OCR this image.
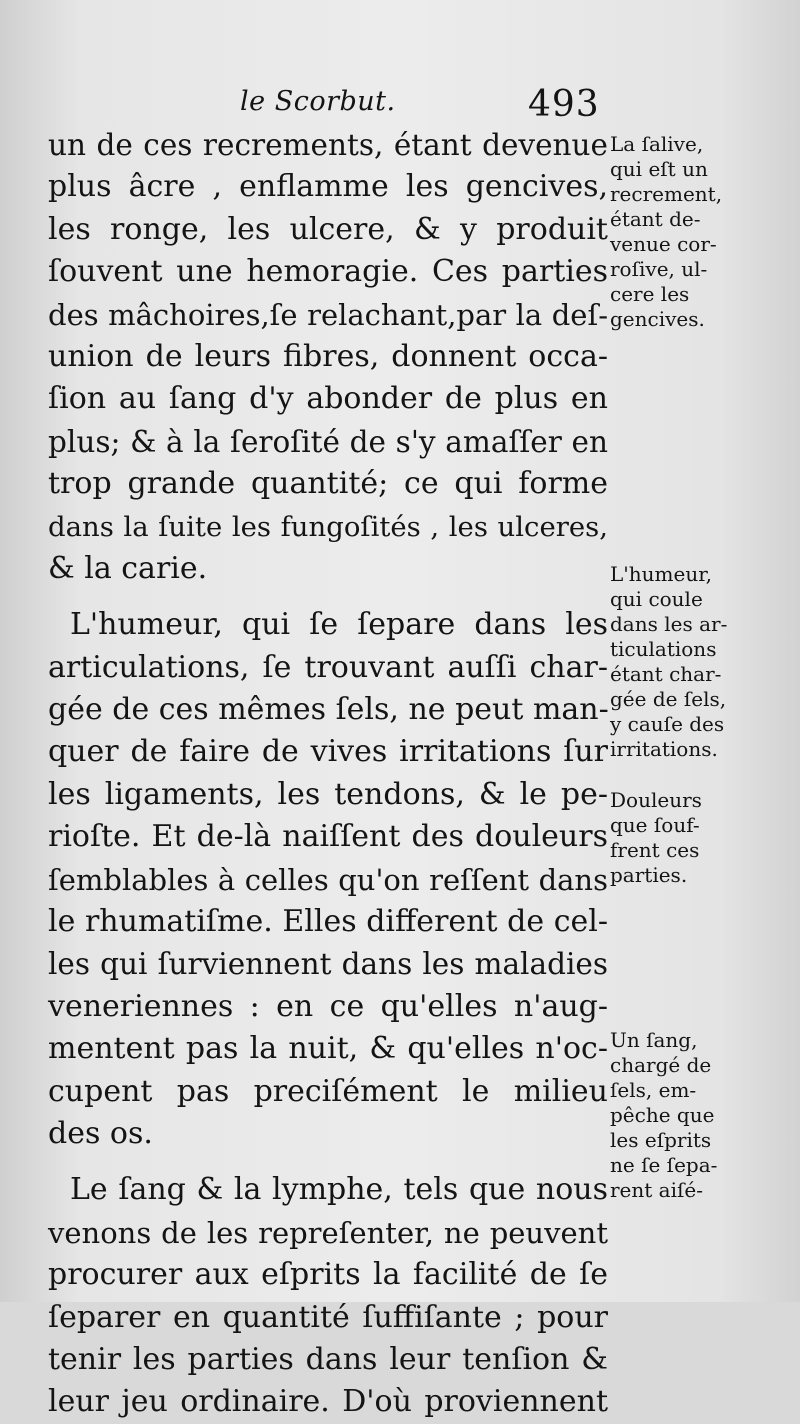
le Scorbut.	493
un de ces recrements, étant devenue
plus âcre , enflamme les gencives,
les ronge, les ulcere, & y produit
ſouvent une hemoragie. Ces parties
des mâchoires,ſe relachant,par la deſ-
union de leurs fibres, donnent occa-
ſion au ſang d'y abonder de plus en
plus; & à la ſeroſité de s'y amaſſer en
trop grande quantité; ce qui forme
dans la ſuite les fungoſités , les ulceres,
& la carie.
L'humeur, qui ſe ſepare dans les
articulations, ſe trouvant auſſi char-
gée de ces mêmes ſels, ne peut man-
quer de faire de vives irritations ſur
les ligaments, les tendons, & le pe-
rioſte. Et de-là naiſſent des douleurs
ſemblables à celles qu'on reſſent dans
le rhumatiſme. Elles different de cel-
les qui ſurviennent dans les maladies
veneriennes : en ce qu'elles n'aug-
mentent pas la nuit, & qu'elles n'oc-
cupent pas preciſément le milieu
des os.
Le ſang & la lymphe, tels que nous
venons de les repreſenter, ne peuvent
procurer aux eſprits la facilité de ſe
ſeparer en quantité ſuffiſante ; pour
tenir les parties dans leur tenſion &
leur jeu ordinaire. D'où proviennent
La ſalive,
qui eſt un
recrement,
étant de-
venue cor-
roſive, ul-
cere les
gencives.
L'humeur,
qui coule
dans les ar-
ticulations
étant char-
gée de ſels,
y cauſe des
irritations.
Douleurs
que ſouf-
frent ces
parties.
Un ſang,
chargé de
ſels, em-
pêche que
les eſprits
ne ſe ſepa-
rent aiſé-
